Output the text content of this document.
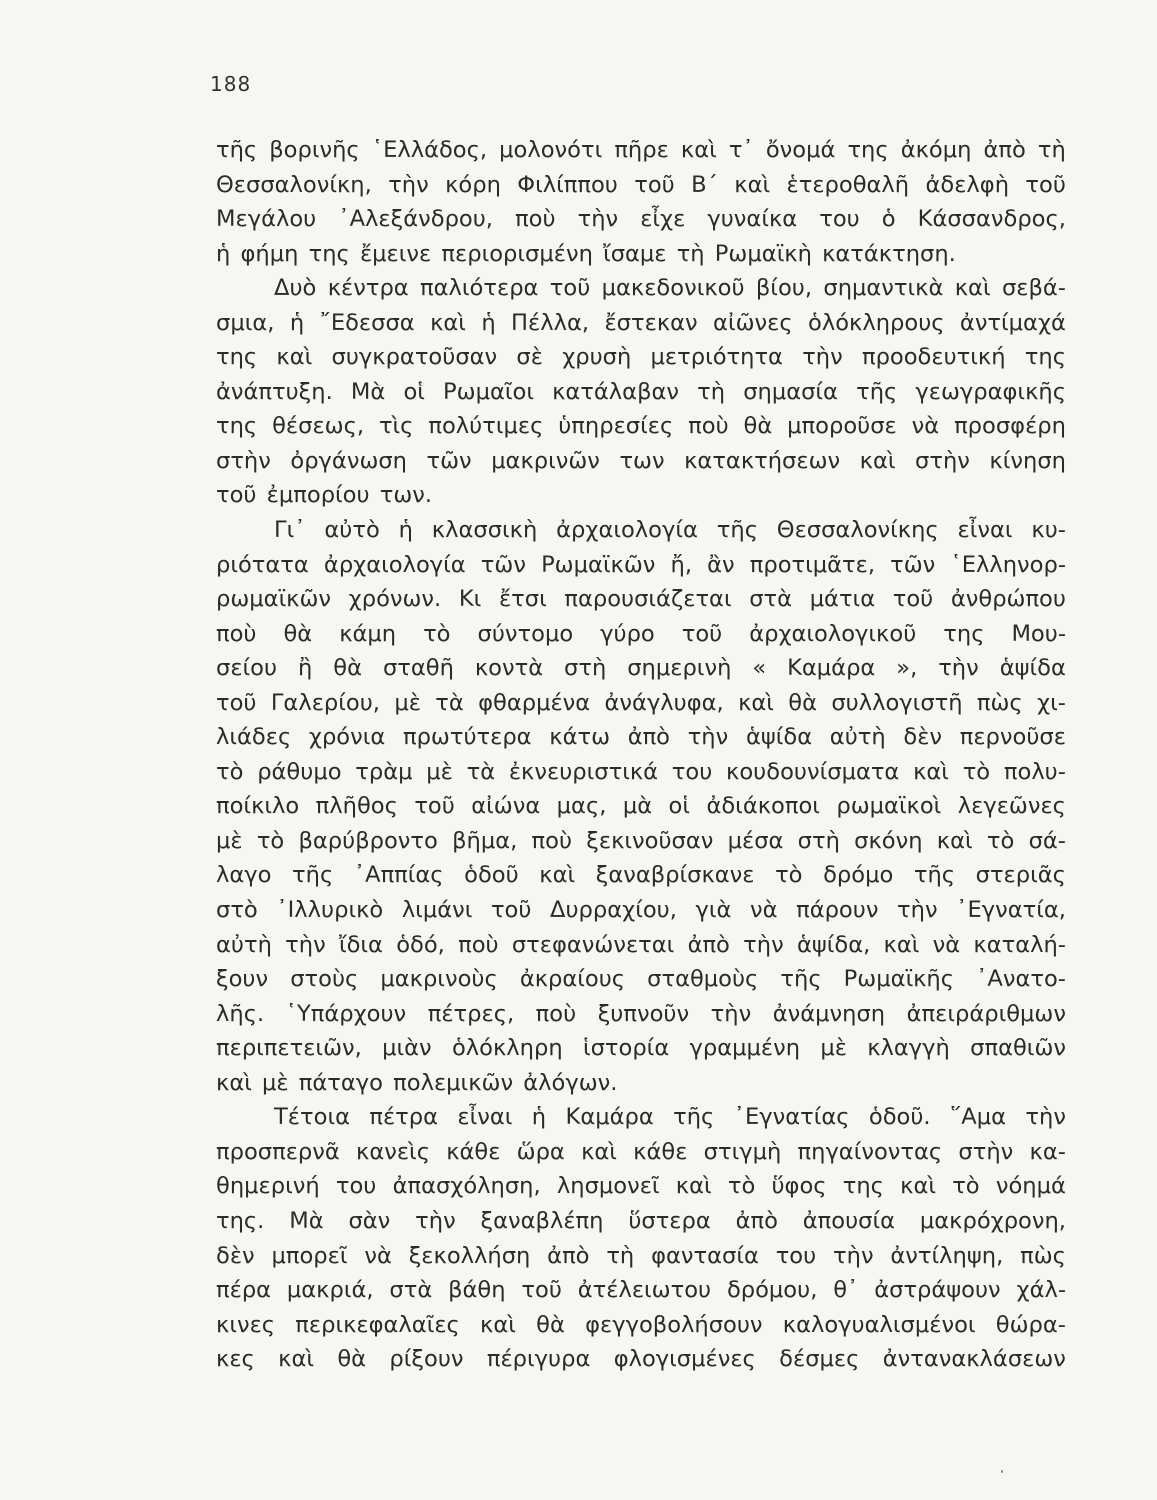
188
τῆς βορινῆς ῾Ελλάδος, μολονότι πῆρε καὶ τ᾽ ὄνομά της ἀκόμη ἀπὸ τὴ
Θεσσαλονίκη, τὴν κόρη Φιλίππου τοῦ Β΄ καὶ ἑτεροθαλῆ ἀδελφὴ τοῦ
Μεγάλου ᾿Αλεξάνδρου, ποὺ τὴν εἶχε γυναίκα του ὁ Κάσσανδρος,
ἡ φήμη της ἔμεινε περιορισμένη ἴσαμε τὴ Ρωμαϊκὴ κατάκτηση.
Δυὸ κέντρα παλιότερα τοῦ μακεδονικοῦ βίου, σημαντικὰ καὶ σεβά-
σμια, ἡ ῎Εδεσσα καὶ ἡ Πέλλα, ἔστεκαν αἰῶνες ὁλόκληρους ἀντίμαχά
της καὶ συγκρατοῦσαν σὲ χρυσὴ μετριότητα τὴν προοδευτική της
ἀνάπτυξη. Μὰ οἱ Ρωμαῖοι κατάλαβαν τὴ σημασία τῆς γεωγραφικῆς
της θέσεως, τὶς πολύτιμες ὑπηρεσίες ποὺ θὰ μποροῦσε νὰ προσφέρη
στὴν ὀργάνωση τῶν μακρινῶν των κατακτήσεων καὶ στὴν κίνηση
τοῦ ἐμπορίου των.
Γι᾽ αὐτὸ ἡ κλασσικὴ ἀρχαιολογία τῆς Θεσσαλονίκης εἶναι κυ-
ριότατα ἀρχαιολογία τῶν Ρωμαϊκῶν ἤ, ἂν προτιμᾶτε, τῶν ῾Ελληνορ-
ρωμαϊκῶν χρόνων. Κι ἔτσι παρουσιάζεται στὰ μάτια τοῦ ἀνθρώπου
ποὺ θὰ κάμη τὸ σύντομο γύρο τοῦ ἀρχαιολογικοῦ της Μου-
σείου ἢ θὰ σταθῆ κοντὰ στὴ σημερινὴ « Καμάρα », τὴν ἁψίδα
τοῦ Γαλερίου, μὲ τὰ φθαρμένα ἀνάγλυφα, καὶ θὰ συλλογιστῆ πὼς χι-
λιάδες χρόνια πρωτύτερα κάτω ἀπὸ τὴν ἁψίδα αὐτὴ δὲν περνοῦσε
τὸ ράθυμο τρὰμ μὲ τὰ ἐκνευριστικά του κουδουνίσματα καὶ τὸ πολυ-
ποίκιλο πλῆθος τοῦ αἰώνα μας, μὰ οἱ ἀδιάκοποι ρωμαϊκοὶ λεγεῶνες
μὲ τὸ βαρύβροντο βῆμα, ποὺ ξεκινοῦσαν μέσα στὴ σκόνη καὶ τὸ σά-
λαγο τῆς ᾿Αππίας ὁδοῦ καὶ ξαναβρίσκανε τὸ δρόμο τῆς στεριᾶς
στὸ ᾿Ιλλυρικὸ λιμάνι τοῦ Δυρραχίου, γιὰ νὰ πάρουν τὴν ᾿Εγνατία,
αὐτὴ τὴν ἴδια ὁδό, ποὺ στεφανώνεται ἀπὸ τὴν ἁψίδα, καὶ νὰ καταλή-
ξουν στοὺς μακρινοὺς ἀκραίους σταθμοὺς τῆς Ρωμαϊκῆς ᾿Ανατο-
λῆς. ῾Υπάρχουν πέτρες, ποὺ ξυπνοῦν τὴν ἀνάμνηση ἀπειράριθμων
περιπετειῶν, μιὰν ὁλόκληρη ἱστορία γραμμένη μὲ κλαγγὴ σπαθιῶν
καὶ μὲ πάταγο πολεμικῶν ἀλόγων.
Τέτοια πέτρα εἶναι ἡ Καμάρα τῆς ᾿Εγνατίας ὁδοῦ. ῞Αμα τὴν
προσπερνᾶ κανεὶς κάθε ὥρα καὶ κάθε στιγμὴ πηγαίνοντας στὴν κα-
θημερινή του ἀπασχόληση, λησμονεῖ καὶ τὸ ὕφος της καὶ τὸ νόημά
της. Μὰ σὰν τὴν ξαναβλέπη ὕστερα ἀπὸ ἀπουσία μακρόχρονη,
δὲν μπορεῖ νὰ ξεκολλήση ἀπὸ τὴ φαντασία του τὴν ἀντίληψη, πὼς
πέρα μακριά, στὰ βάθη τοῦ ἀτέλειωτου δρόμου, θ᾽ ἀστράψουν χάλ-
κινες περικεφαλαῖες καὶ θὰ φεγγοβολήσουν καλογυαλισμένοι θώρα-
κες καὶ θὰ ρίξουν πέριγυρα φλογισμένες δέσμες ἀντανακλάσεων
